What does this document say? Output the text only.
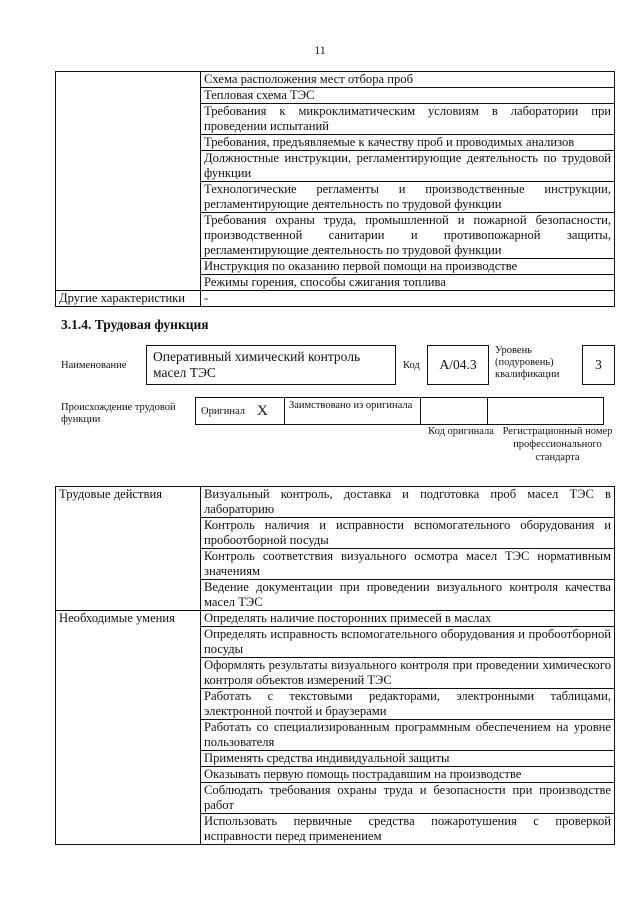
11
	Схема расположения мест отбора проб
	Тепловая схема ТЭС
	Требования к микроклиматическим условиям в лаборатории при проведении испытаний
	Требования, предъявляемые к качеству проб и проводимых анализов
	Должностные инструкции, регламентирующие деятельность по трудовой функции
	Технологические регламенты и производственные инструкции, регламентирующие деятельность по трудовой функции
	Требования охраны труда, промышленной и пожарной безопасности, производственной санитарии и противопожарной защиты, регламентирующие деятельность по трудовой функции
	Инструкция по оказанию первой помощи на производстве
	Режимы горения, способы сжигания топлива
Другие характеристики	-
3.1.4. Трудовая функция
Наименование
Оперативный химический контроль масел ТЭС	Код	A/04.3
Уровень (подуровень) квалификации
3
Происхождение трудовой функции
Оригинал X	Заимствовано из оригинала
Код оригинала Регистрационный номер профессионального стандарта
Трудовые действия	Визуальный контроль, доставка и подготовка проб масел ТЭС в лабораторию
	Контроль наличия и исправности вспомогательного оборудования и пробоотборной посуды
	Контроль соответствия визуального осмотра масел ТЭС нормативным значениям
	Ведение документации при проведении визуального контроля качества масел ТЭС
Необходимые умения	Определять наличие посторонних примесей в маслах
	Определять исправность вспомогательного оборудования и пробоотборной посуды
	Оформлять результаты визуального контроля при проведении химического контроля объектов измерений ТЭС
	Работать с текстовыми редакторами, электронными таблицами, электронной почтой и браузерами
	Работать со специализированным программным обеспечением на уровне пользователя
	Применять средства индивидуальной защиты
	Оказывать первую помощь пострадавшим на производстве
	Соблюдать требования охраны труда и безопасности при производстве работ
	Использовать первичные средства пожаротушения с проверкой исправности перед применением
